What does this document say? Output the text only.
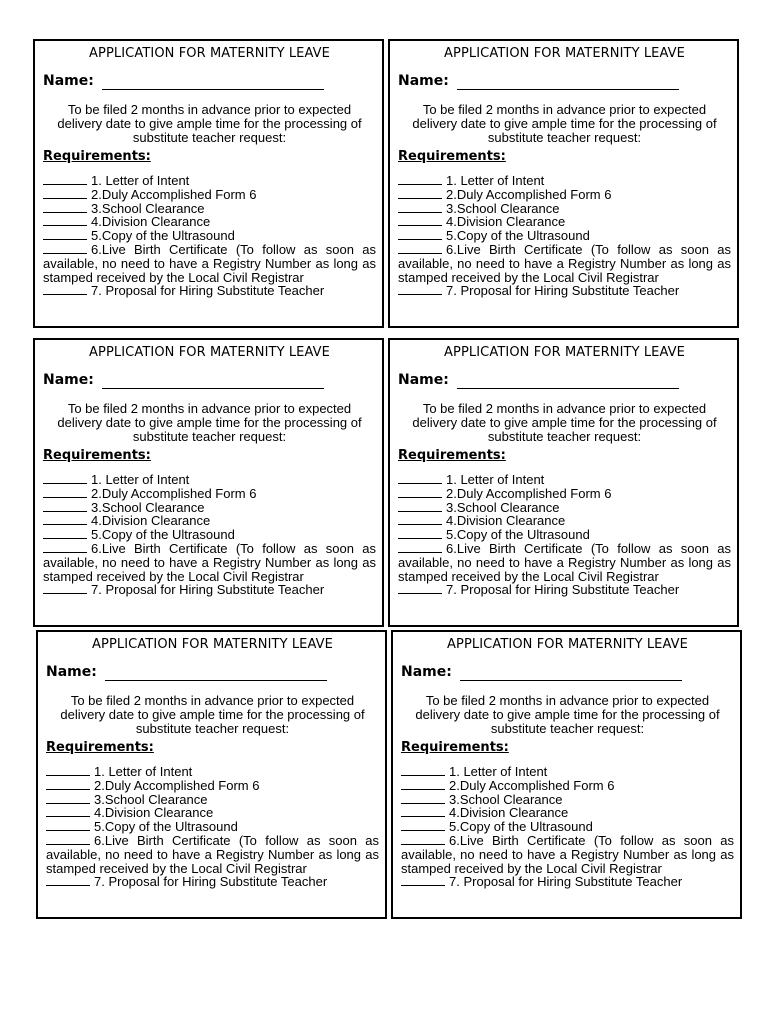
APPLICATION FOR MATERNITY LEAVE
Name:
To be filed 2 months in advance prior to expected delivery date to give ample time for the processing of substitute teacher request:
Requirements:
1. Letter of Intent
2.Duly Accomplished Form 6
3.School Clearance
4.Division Clearance
5.Copy of the Ultrasound
6.Live Birth Certificate (To follow as soon as available, no need to have a Registry Number as long as stamped received by the Local Civil Registrar
7. Proposal for Hiring Substitute Teacher
APPLICATION FOR MATERNITY LEAVE
Name:
To be filed 2 months in advance prior to expected delivery date to give ample time for the processing of substitute teacher request:
Requirements:
1. Letter of Intent
2.Duly Accomplished Form 6
3.School Clearance
4.Division Clearance
5.Copy of the Ultrasound
6.Live Birth Certificate (To follow as soon as available, no need to have a Registry Number as long as stamped received by the Local Civil Registrar
7. Proposal for Hiring Substitute Teacher
APPLICATION FOR MATERNITY LEAVE
Name:
To be filed 2 months in advance prior to expected delivery date to give ample time for the processing of substitute teacher request:
Requirements:
1. Letter of Intent
2.Duly Accomplished Form 6
3.School Clearance
4.Division Clearance
5.Copy of the Ultrasound
6.Live Birth Certificate (To follow as soon as available, no need to have a Registry Number as long as stamped received by the Local Civil Registrar
7. Proposal for Hiring Substitute Teacher
APPLICATION FOR MATERNITY LEAVE
Name:
To be filed 2 months in advance prior to expected delivery date to give ample time for the processing of substitute teacher request:
Requirements:
1. Letter of Intent
2.Duly Accomplished Form 6
3.School Clearance
4.Division Clearance
5.Copy of the Ultrasound
6.Live Birth Certificate (To follow as soon as available, no need to have a Registry Number as long as stamped received by the Local Civil Registrar
7. Proposal for Hiring Substitute Teacher
APPLICATION FOR MATERNITY LEAVE
Name:
To be filed 2 months in advance prior to expected delivery date to give ample time for the processing of substitute teacher request:
Requirements:
1. Letter of Intent
2.Duly Accomplished Form 6
3.School Clearance
4.Division Clearance
5.Copy of the Ultrasound
6.Live Birth Certificate (To follow as soon as available, no need to have a Registry Number as long as stamped received by the Local Civil Registrar
7. Proposal for Hiring Substitute Teacher
APPLICATION FOR MATERNITY LEAVE
Name:
To be filed 2 months in advance prior to expected delivery date to give ample time for the processing of substitute teacher request:
Requirements:
1. Letter of Intent
2.Duly Accomplished Form 6
3.School Clearance
4.Division Clearance
5.Copy of the Ultrasound
6.Live Birth Certificate (To follow as soon as available, no need to have a Registry Number as long as stamped received by the Local Civil Registrar
7. Proposal for Hiring Substitute Teacher
